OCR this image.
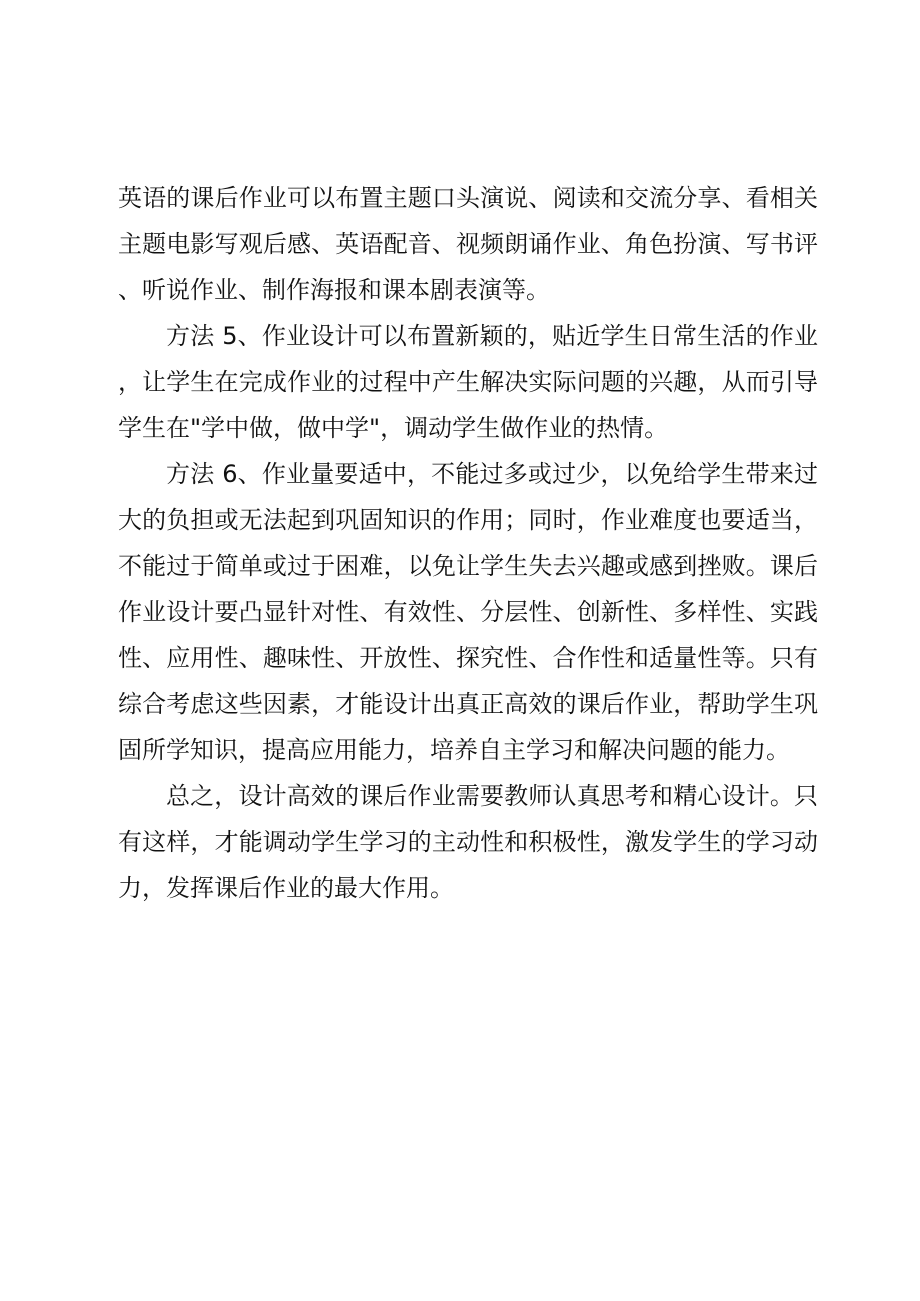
英语的课后作业可以布置主题口头演说、阅读和交流分享、看相关主题电影写观后感、英语配音、视频朗诵作业、角色扮演、写书评、听说作业、制作海报和课本剧表演等。

方法 5、作业设计可以布置新颖的，贴近学生日常生活的作业，让学生在完成作业的过程中产生解决实际问题的兴趣，从而引导学生在"学中做，做中学"，调动学生做作业的热情。

方法 6、作业量要适中，不能过多或过少，以免给学生带来过大的负担或无法起到巩固知识的作用；同时，作业难度也要适当，不能过于简单或过于困难，以免让学生失去兴趣或感到挫败。课后作业设计要凸显针对性、有效性、分层性、创新性、多样性、实践性、应用性、趣味性、开放性、探究性、合作性和适量性等。只有综合考虑这些因素，才能设计出真正高效的课后作业，帮助学生巩固所学知识，提高应用能力，培养自主学习和解决问题的能力。

总之，设计高效的课后作业需要教师认真思考和精心设计。只有这样，才能调动学生学习的主动性和积极性，激发学生的学习动力，发挥课后作业的最大作用。
